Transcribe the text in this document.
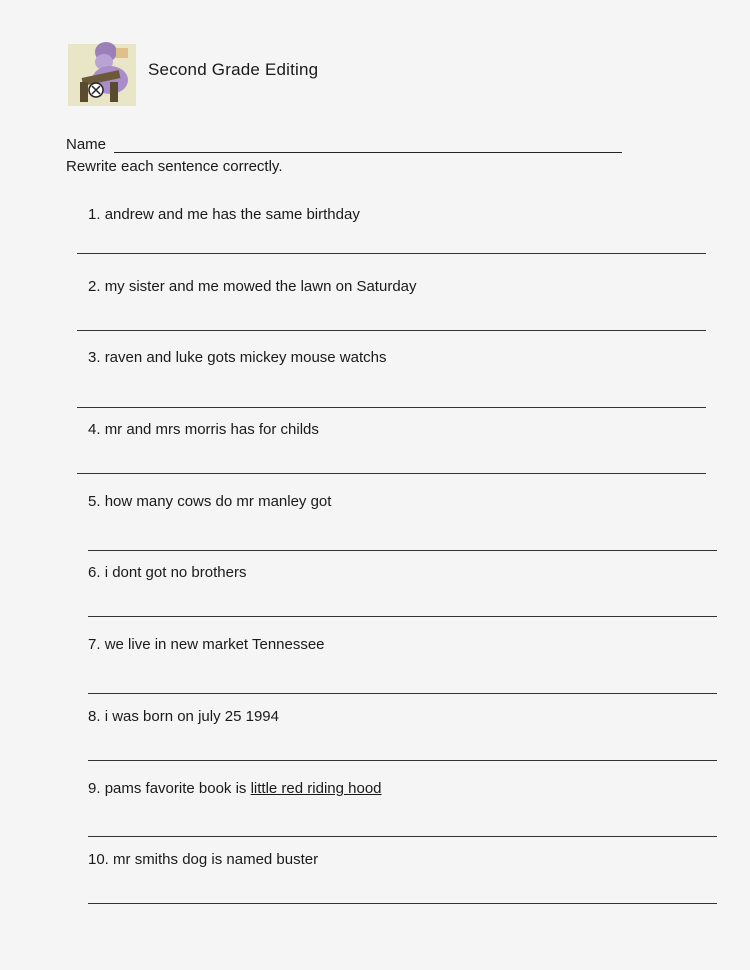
Second Grade Editing
Name
Rewrite each sentence correctly.
1. andrew and me has the same birthday
2. my sister and me mowed the lawn on Saturday
3. raven and luke gots mickey mouse watchs
4. mr and mrs morris has for childs
5. how many cows do mr manley got
6. i dont got no brothers
7. we live in new market Tennessee
8. i was born on july 25 1994
9. pams favorite book is little red riding hood
10. mr smiths dog is named buster
